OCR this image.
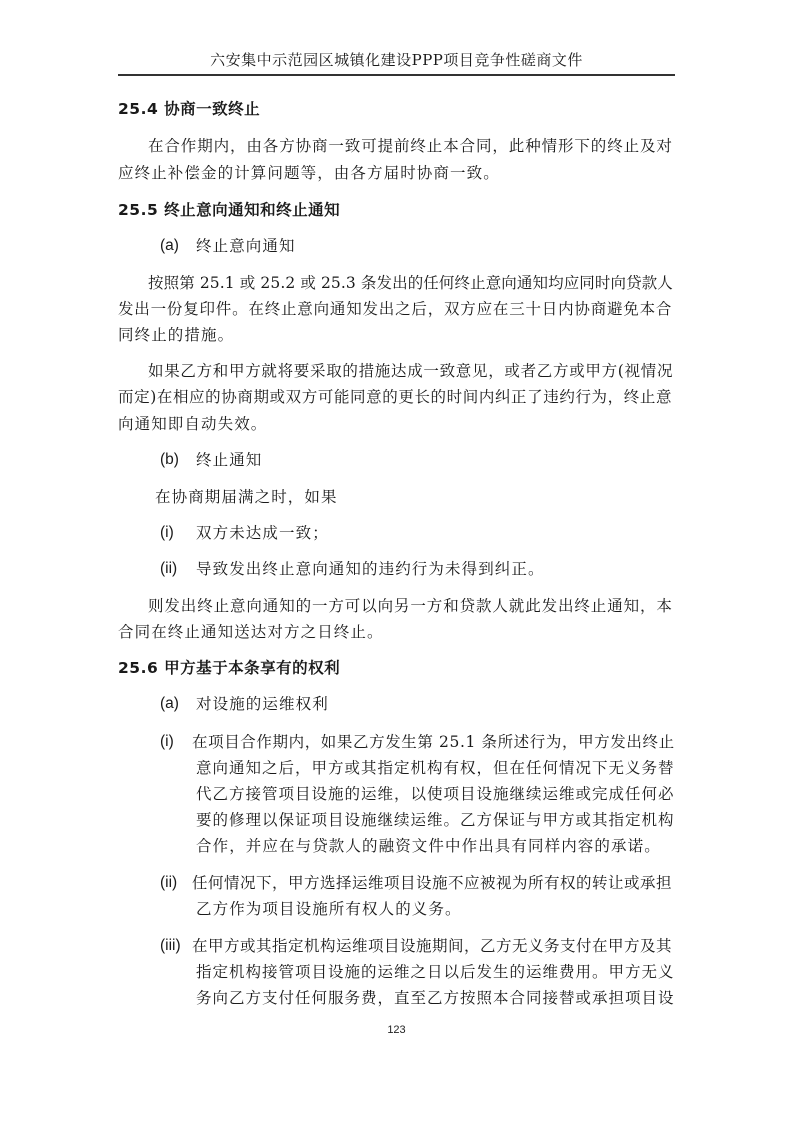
六安集中示范园区城镇化建设PPP项目竞争性磋商文件
25.4 协商一致终止
在合作期内，由各方协商一致可提前终止本合同，此种情形下的终止及对
应终止补偿金的计算问题等，由各方届时协商一致。
25.5 终止意向通知和终止通知
(a) 终止意向通知
按照第 25.1 或 25.2 或 25.3 条发出的任何终止意向通知均应同时向贷款人
发出一份复印件。在终止意向通知发出之后，双方应在三十日内协商避免本合
同终止的措施。
如果乙方和甲方就将要采取的措施达成一致意见，或者乙方或甲方(视情况
而定)在相应的协商期或双方可能同意的更长的时间内纠正了违约行为，终止意
向通知即自动失效。
(b) 终止通知
在协商期届满之时，如果
(i) 双方未达成一致；
(ii) 导致发出终止意向通知的违约行为未得到纠正。
则发出终止意向通知的一方可以向另一方和贷款人就此发出终止通知，本
合同在终止通知送达对方之日终止。
25.6 甲方基于本条享有的权利
(a) 对设施的运维权利
(i) 在项目合作期内，如果乙方发生第 25.1 条所述行为，甲方发出终止
意向通知之后，甲方或其指定机构有权，但在任何情况下无义务替
代乙方接管项目设施的运维，以使项目设施继续运维或完成任何必
要的修理以保证项目设施继续运维。乙方保证与甲方或其指定机构
合作，并应在与贷款人的融资文件中作出具有同样内容的承诺。
(ii) 任何情况下，甲方选择运维项目设施不应被视为所有权的转让或承担
乙方作为项目设施所有权人的义务。
(iii) 在甲方或其指定机构运维项目设施期间，乙方无义务支付在甲方及其
指定机构接管项目设施的运维之日以后发生的运维费用。甲方无义
务向乙方支付任何服务费，直至乙方按照本合同接替或承担项目设
123
